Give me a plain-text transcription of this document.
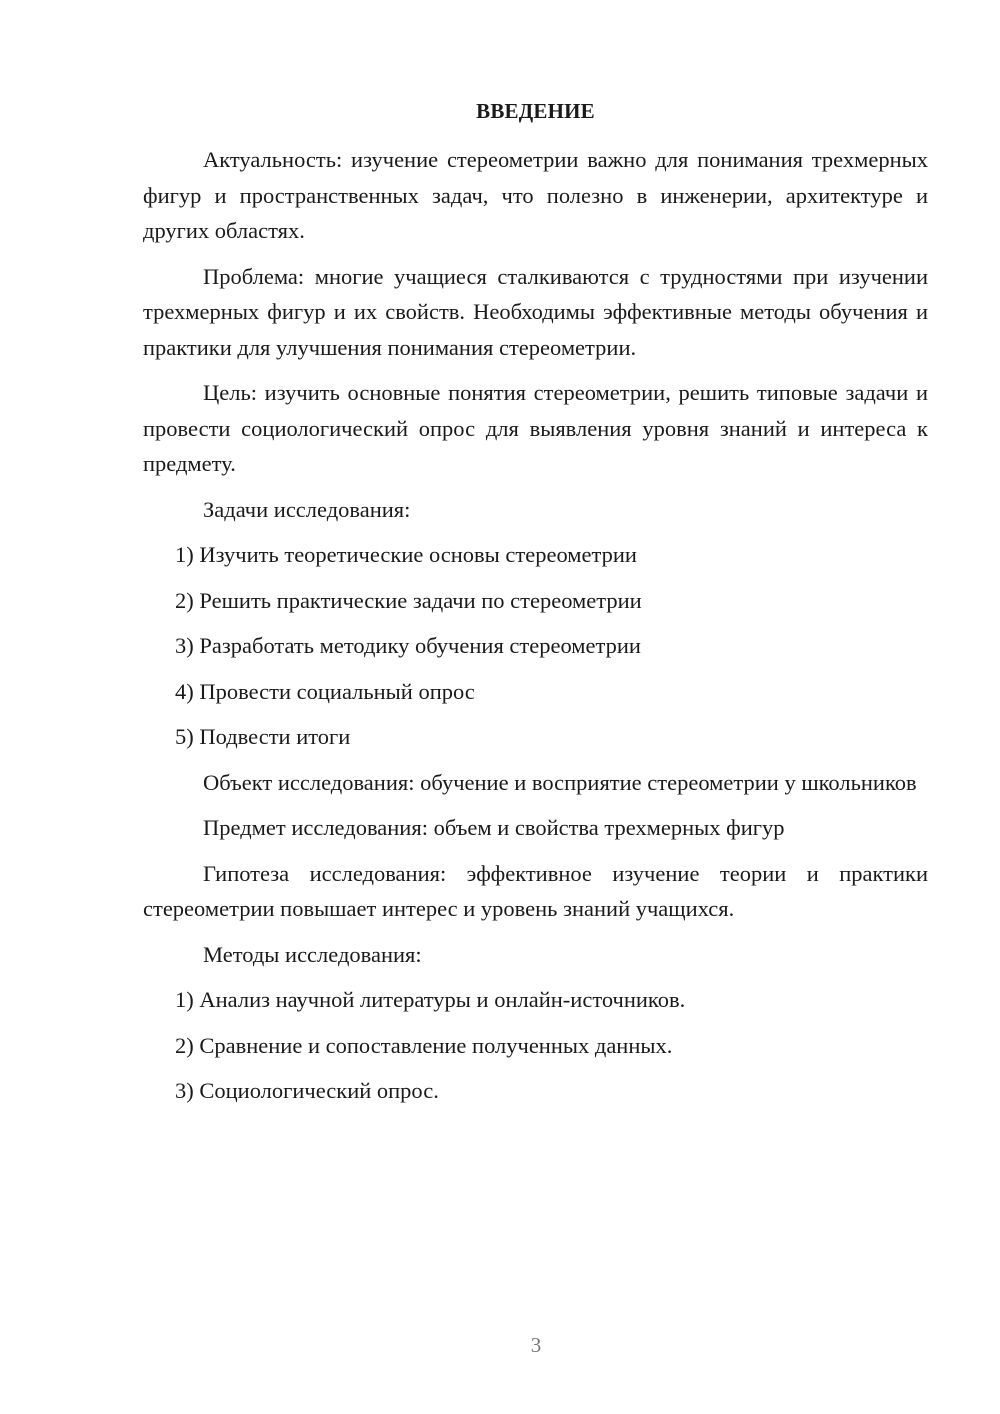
ВВЕДЕНИЕ

Актуальность: изучение стереометрии важно для понимания трехмерных фигур и пространственных задач, что полезно в инженерии, архитектуре и других областях.

Проблема: многие учащиеся сталкиваются с трудностями при изучении трехмерных фигур и их свойств. Необходимы эффективные методы обучения и практики для улучшения понимания стереометрии.

Цель: изучить основные понятия стереометрии, решить типовые задачи и провести социологический опрос для выявления уровня знаний и интереса к предмету.

Задачи исследования:

1) Изучить теоретические основы стереометрии
2) Решить практические задачи по стереометрии
3) Разработать методику обучения стереометрии
4) Провести социальный опрос
5) Подвести итоги

Объект исследования: обучение и восприятие стереометрии у школьников

Предмет исследования: объем и свойства трехмерных фигур

Гипотеза исследования: эффективное изучение теории и практики стереометрии повышает интерес и уровень знаний учащихся.

Методы исследования:

1) Анализ научной литературы и онлайн-источников.
2) Сравнение и сопоставление полученных данных.
3) Социологический опрос.
3
